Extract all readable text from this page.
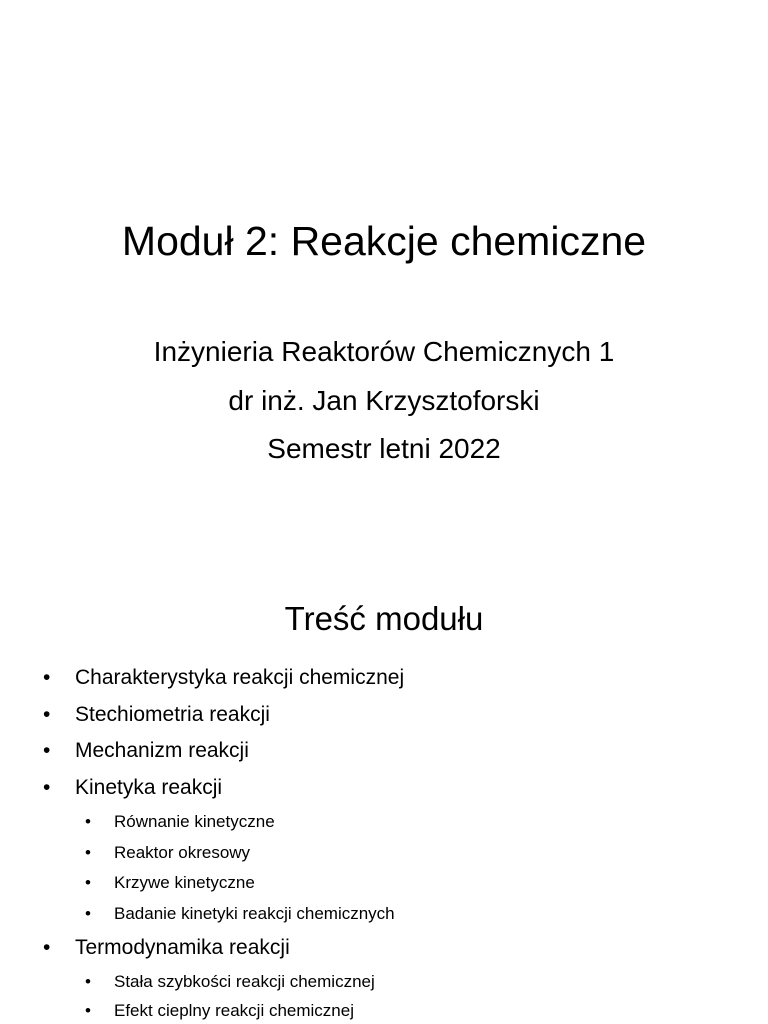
Moduł 2: Reakcje chemiczne
Inżynieria Reaktorów Chemicznych 1
dr inż. Jan Krzysztoforski
Semestr letni 2022
Treść modułu
• Charakterystyka reakcji chemicznej
• Stechiometria reakcji
• Mechanizm reakcji
• Kinetyka reakcji
• Równanie kinetyczne
• Reaktor okresowy
• Krzywe kinetyczne
• Badanie kinetyki reakcji chemicznych
• Termodynamika reakcji
• Stała szybkości reakcji chemicznej
• Efekt cieplny reakcji chemicznej
